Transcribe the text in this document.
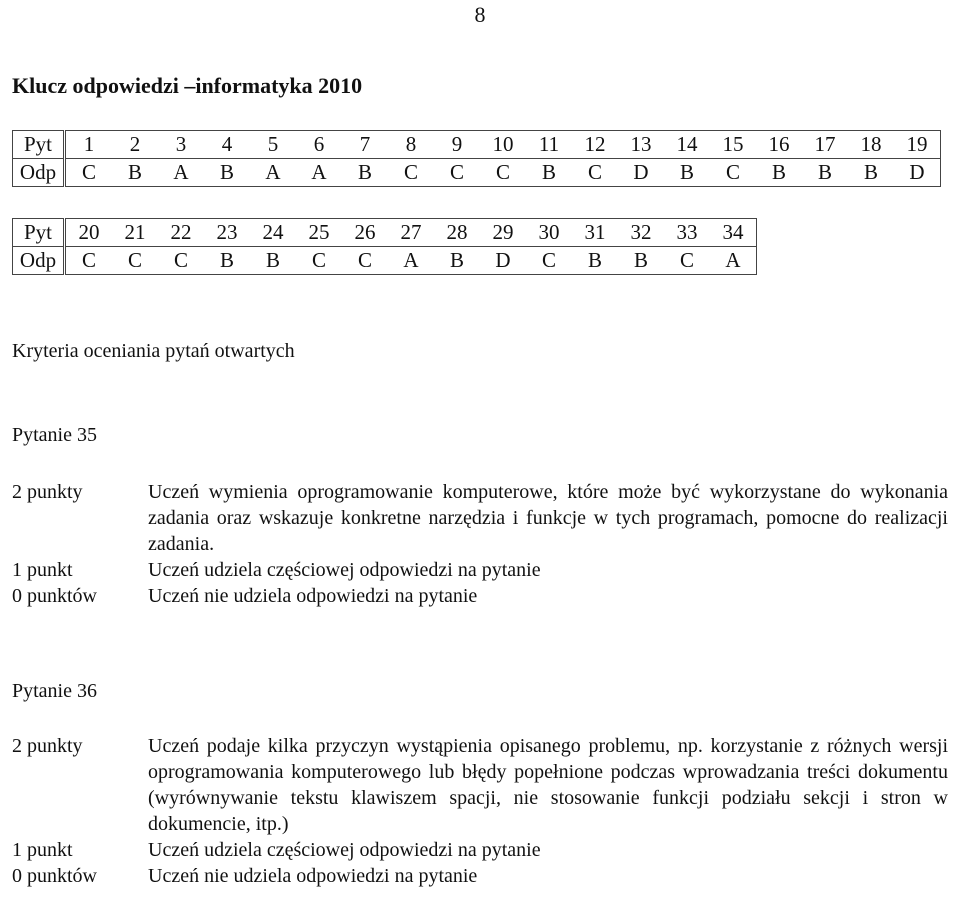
8
Klucz odpowiedzi –informatyka 2010
Pyt	1	2	3	4	5	6	7	8	9	10	11	12	13	14	15	16	17	18	19
Odp	C	B	A	B	A	A	B	C	C	C	B	C	D	B	C	B	B	B	D
Pyt	20	21	22	23	24	25	26	27	28	29	30	31	32	33	34
Odp	C	C	C	B	B	C	C	A	B	D	C	B	B	C	A
Kryteria oceniania pytań otwartych
Pytanie 35
2 punkty	Uczeń wymienia oprogramowanie komputerowe, które może być wykorzystane do wykonania zadania oraz wskazuje konkretne narzędzia i funkcje w tych programach, pomocne do realizacji zadania.
1 punkt	Uczeń udziela częściowej odpowiedzi na pytanie
0 punktów	Uczeń nie udziela odpowiedzi na pytanie
Pytanie 36
2 punkty	Uczeń podaje kilka przyczyn wystąpienia opisanego problemu, np. korzystanie z różnych wersji oprogramowania komputerowego lub błędy popełnione podczas wprowadzania treści dokumentu (wyrównywanie tekstu klawiszem spacji, nie stosowanie funkcji podziału sekcji i stron w dokumencie, itp.)
1 punkt	Uczeń udziela częściowej odpowiedzi na pytanie
0 punktów	Uczeń nie udziela odpowiedzi na pytanie
